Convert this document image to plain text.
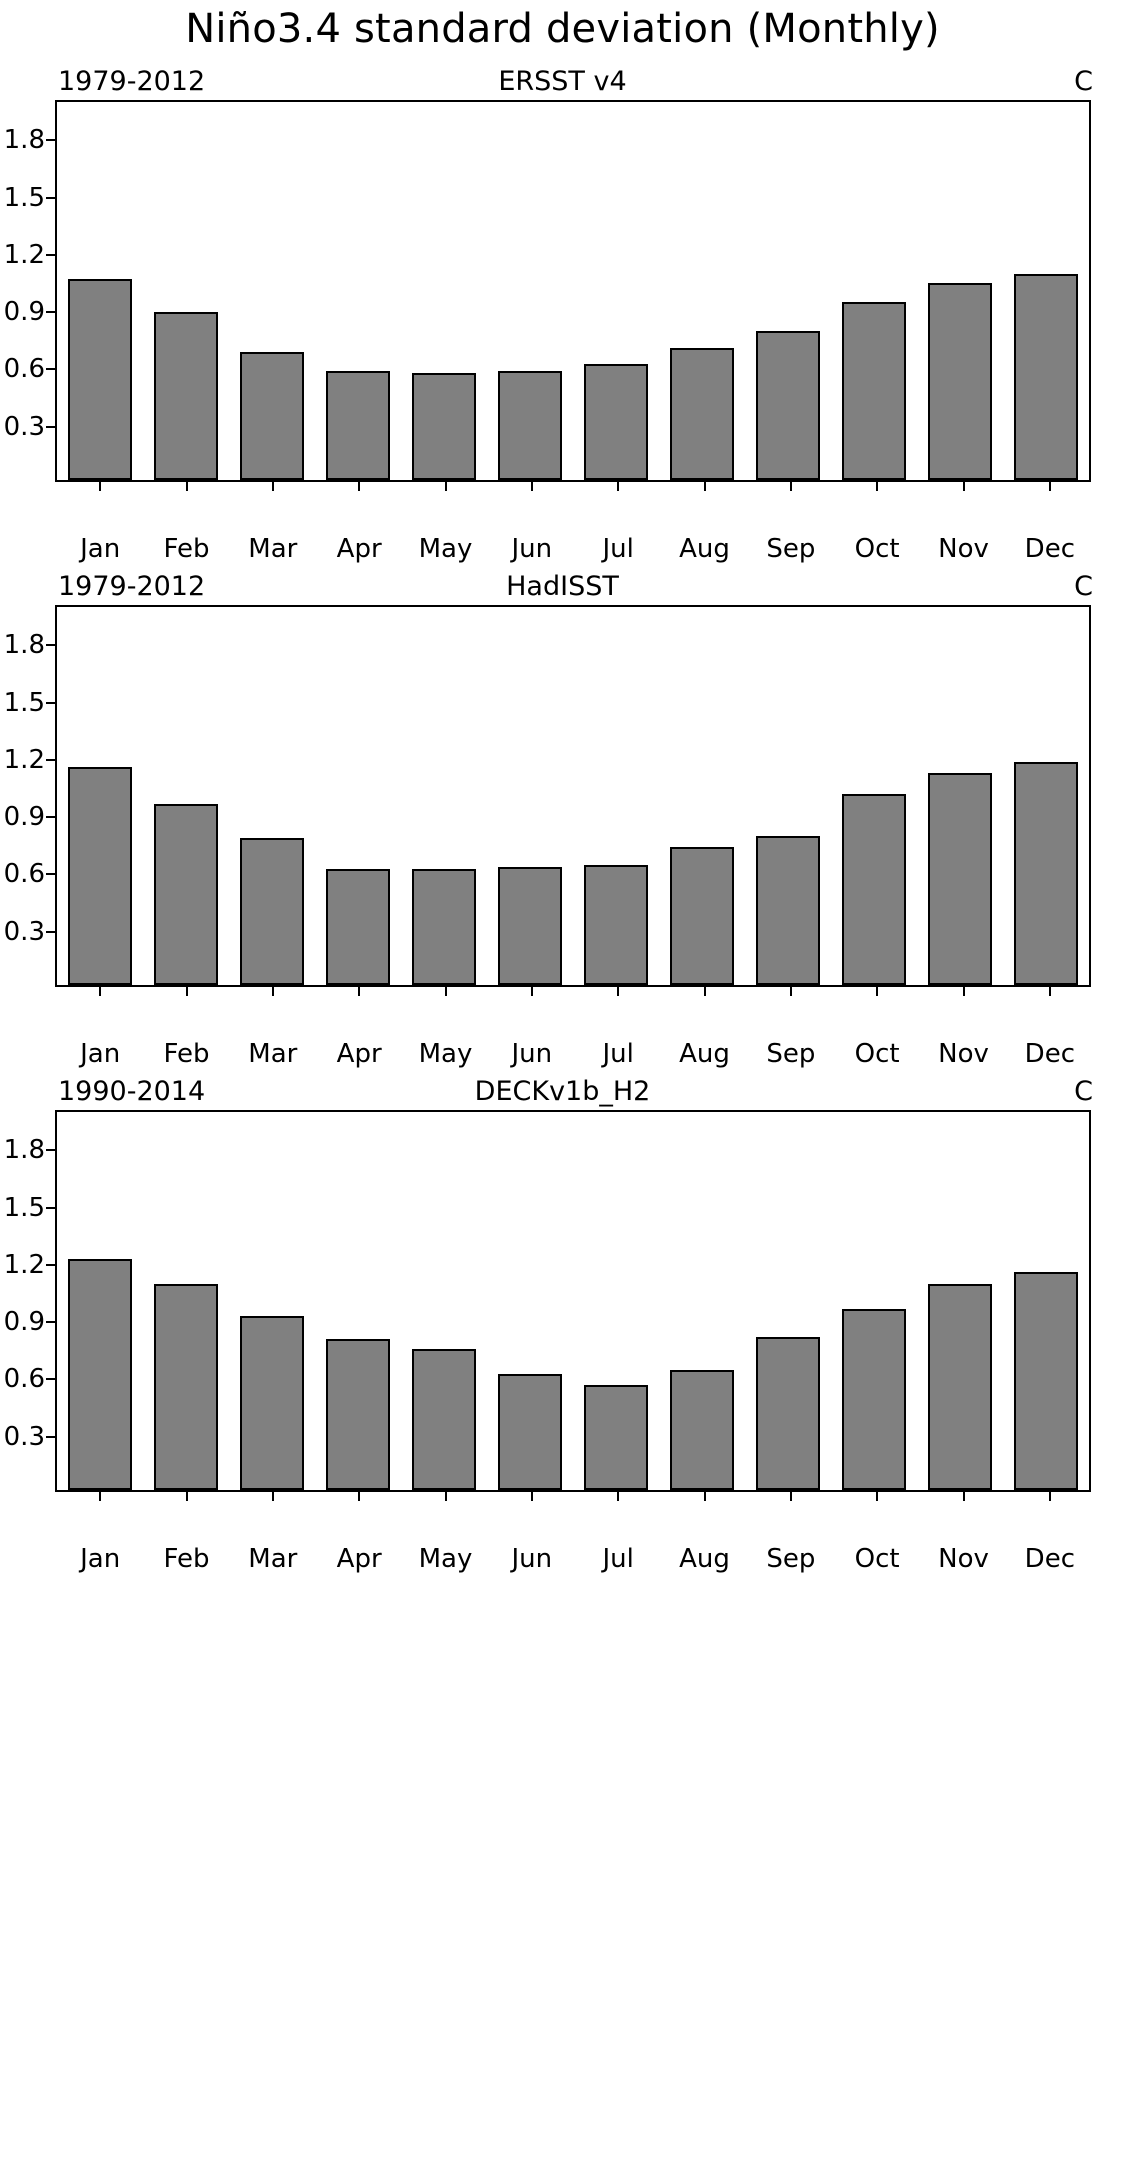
Niño3.4 standard deviation (Monthly)
1979-2012	ERSST v4	C
0.3
0.6
0.9
1.2
1.5
1.8
Jan Feb Mar Apr May Jun Jul Aug Sep Oct Nov Dec
1979-2012	HadISST	C
0.3
0.6
0.9
1.2
1.5
1.8
Jan Feb Mar Apr May Jun Jul Aug Sep Oct Nov Dec
1990-2014	DECKv1b_H2	C
0.3
0.6
0.9
1.2
1.5
1.8
Jan Feb Mar Apr May Jun Jul Aug Sep Oct Nov Dec
